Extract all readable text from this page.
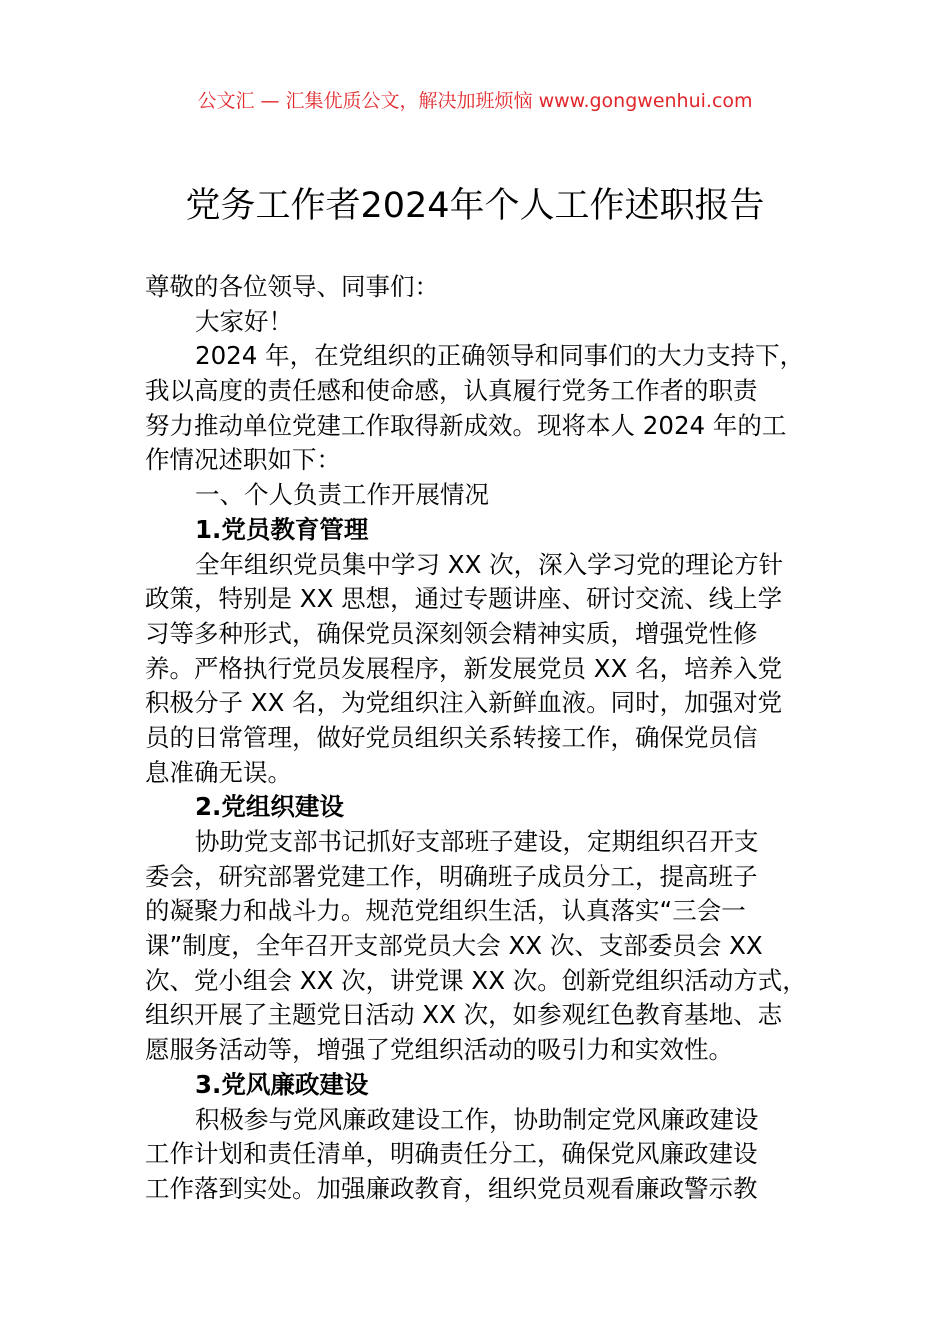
公文汇 — 汇集优质公文，解决加班烦恼 www.gongwenhui.com
党务工作者2024年个人工作述职报告
尊敬的各位领导、同事们：
大家好！
2024 年，在党组织的正确领导和同事们的大力支持下，
我以高度的责任感和使命感，认真履行党务工作者的职责
努力推动单位党建工作取得新成效。现将本人 2024 年的工
作情况述职如下：
一、个人负责工作开展情况
1.党员教育管理
全年组织党员集中学习 XX 次，深入学习党的理论方针
政策，特别是 XX 思想，通过专题讲座、研讨交流、线上学
习等多种形式，确保党员深刻领会精神实质，增强党性修
养。严格执行党员发展程序，新发展党员 XX 名，培养入党
积极分子 XX 名，为党组织注入新鲜血液。同时，加强对党
员的日常管理，做好党员组织关系转接工作，确保党员信
息准确无误。
2.党组织建设
协助党支部书记抓好支部班子建设，定期组织召开支
委会，研究部署党建工作，明确班子成员分工，提高班子
的凝聚力和战斗力。规范党组织生活，认真落实“三会一
课”制度，全年召开支部党员大会 XX 次、支部委员会 XX
次、党小组会 XX 次，讲党课 XX 次。创新党组织活动方式，
组织开展了主题党日活动 XX 次，如参观红色教育基地、志
愿服务活动等，增强了党组织活动的吸引力和实效性。
3.党风廉政建设
积极参与党风廉政建设工作，协助制定党风廉政建设
工作计划和责任清单，明确责任分工，确保党风廉政建设
工作落到实处。加强廉政教育，组织党员观看廉政警示教
